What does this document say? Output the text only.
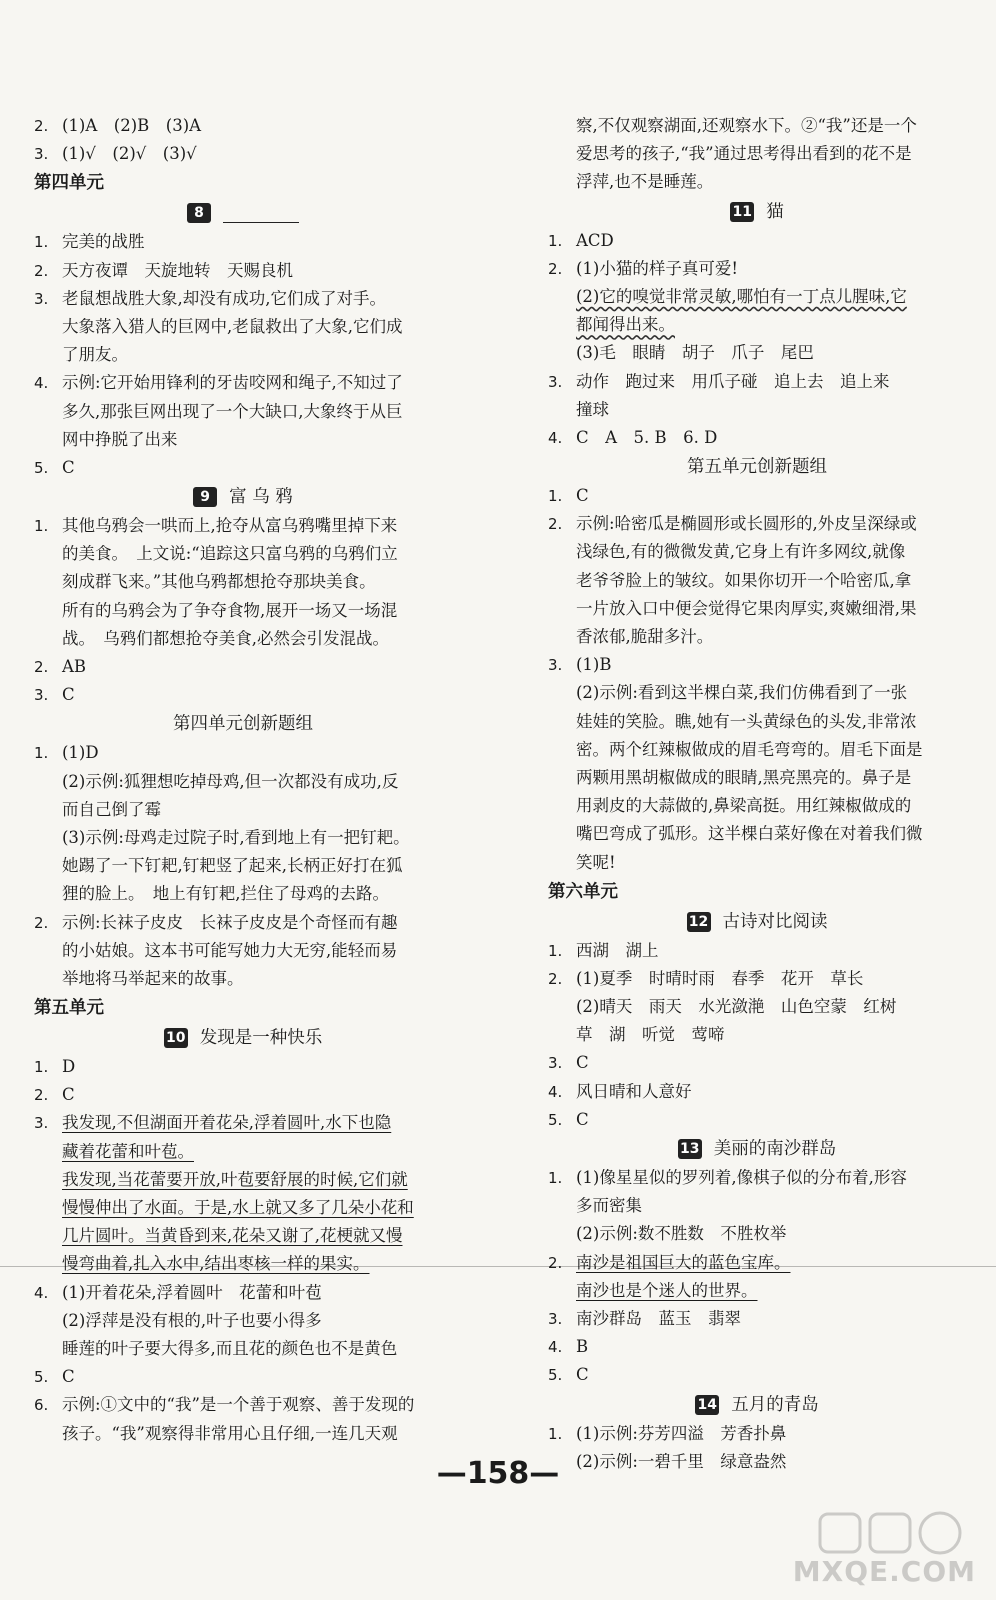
2. (1)A　(2)B　(3)A
3. (1)√　(2)√　(3)√
第四单元
8
1. 完美的战胜
2. 天方夜谭　天旋地转　天赐良机
3. 老鼠想战胜大象,却没有成功,它们成了对手。
大象落入猎人的巨网中,老鼠救出了大象,它们成
了朋友。
4. 示例:它开始用锋利的牙齿咬网和绳子,不知过了
多久,那张巨网出现了一个大缺口,大象终于从巨
网中挣脱了出来
5. C
9 富 乌 鸦
1. 其他乌鸦会一哄而上,抢夺从富乌鸦嘴里掉下来
的美食。　上文说:“追踪这只富乌鸦的乌鸦们立
刻成群飞来。”其他乌鸦都想抢夺那块美食。
所有的乌鸦会为了争夺食物,展开一场又一场混
战。　乌鸦们都想抢夺美食,必然会引发混战。
2. AB
3. C
第四单元创新题组
1. (1)D
(2)示例:狐狸想吃掉母鸡,但一次都没有成功,反
而自己倒了霉
(3)示例:母鸡走过院子时,看到地上有一把钉耙。
她踢了一下钉耙,钉耙竖了起来,长柄正好打在狐
狸的脸上。　地上有钉耙,拦住了母鸡的去路。
2. 示例:长袜子皮皮　长袜子皮皮是个奇怪而有趣
的小姑娘。这本书可能写她力大无穷,能轻而易
举地将马举起来的故事。
第五单元
10 发现是一种快乐
1. D
2. C
3. 我发现,不但湖面开着花朵,浮着圆叶,水下也隐
藏着花蕾和叶苞。
我发现,当花蕾要开放,叶苞要舒展的时候,它们就
慢慢伸出了水面。于是,水上就又多了几朵小花和
几片圆叶。当黄昏到来,花朵又谢了,花梗就又慢
慢弯曲着,扎入水中,结出枣核一样的果实。
4. (1)开着花朵,浮着圆叶　花蕾和叶苞
(2)浮萍是没有根的,叶子也要小得多
睡莲的叶子要大得多,而且花的颜色也不是黄色
5. C
6. 示例:①文中的“我”是一个善于观察、善于发现的
孩子。“我”观察得非常用心且仔细,一连几天观
察,不仅观察湖面,还观察水下。②“我”还是一个
爱思考的孩子,“我”通过思考得出看到的花不是
浮萍,也不是睡莲。
11 猫
1. ACD
2. (1)小猫的样子真可爱!
(2)它的嗅觉非常灵敏,哪怕有一丁点儿腥味,它
都闻得出来。
(3)毛　眼睛　胡子　爪子　尾巴
3. 动作　跑过来　用爪子碰　追上去　追上来
撞球
4. C　A　5. B　6. D
第五单元创新题组
1. C
2. 示例:哈密瓜是椭圆形或长圆形的,外皮呈深绿或
浅绿色,有的微微发黄,它身上有许多网纹,就像
老爷爷脸上的皱纹。如果你切开一个哈密瓜,拿
一片放入口中便会觉得它果肉厚实,爽嫩细滑,果
香浓郁,脆甜多汁。
3. (1)B
(2)示例:看到这半棵白菜,我们仿佛看到了一张
娃娃的笑脸。瞧,她有一头黄绿色的头发,非常浓
密。两个红辣椒做成的眉毛弯弯的。眉毛下面是
两颗用黑胡椒做成的眼睛,黑亮黑亮的。鼻子是
用剥皮的大蒜做的,鼻梁高挺。用红辣椒做成的
嘴巴弯成了弧形。这半棵白菜好像在对着我们微
笑呢!
第六单元
12 古诗对比阅读
1. 西湖　湖上
2. (1)夏季　时晴时雨　春季　花开　草长
(2)晴天　雨天　水光潋滟　山色空蒙　红树
草　湖　听觉　莺啼
3. C
4. 风日晴和人意好
5. C
13 美丽的南沙群岛
1. (1)像星星似的罗列着,像棋子似的分布着,形容
多而密集
(2)示例:数不胜数　不胜枚举
2. 南沙是祖国巨大的蓝色宝库。
南沙也是个迷人的世界。
3. 南沙群岛　蓝玉　翡翠
4. B
5. C
14 五月的青岛
1. (1)示例:芬芳四溢　芳香扑鼻
(2)示例:一碧千里　绿意盎然
—158—
MXQE.COM
